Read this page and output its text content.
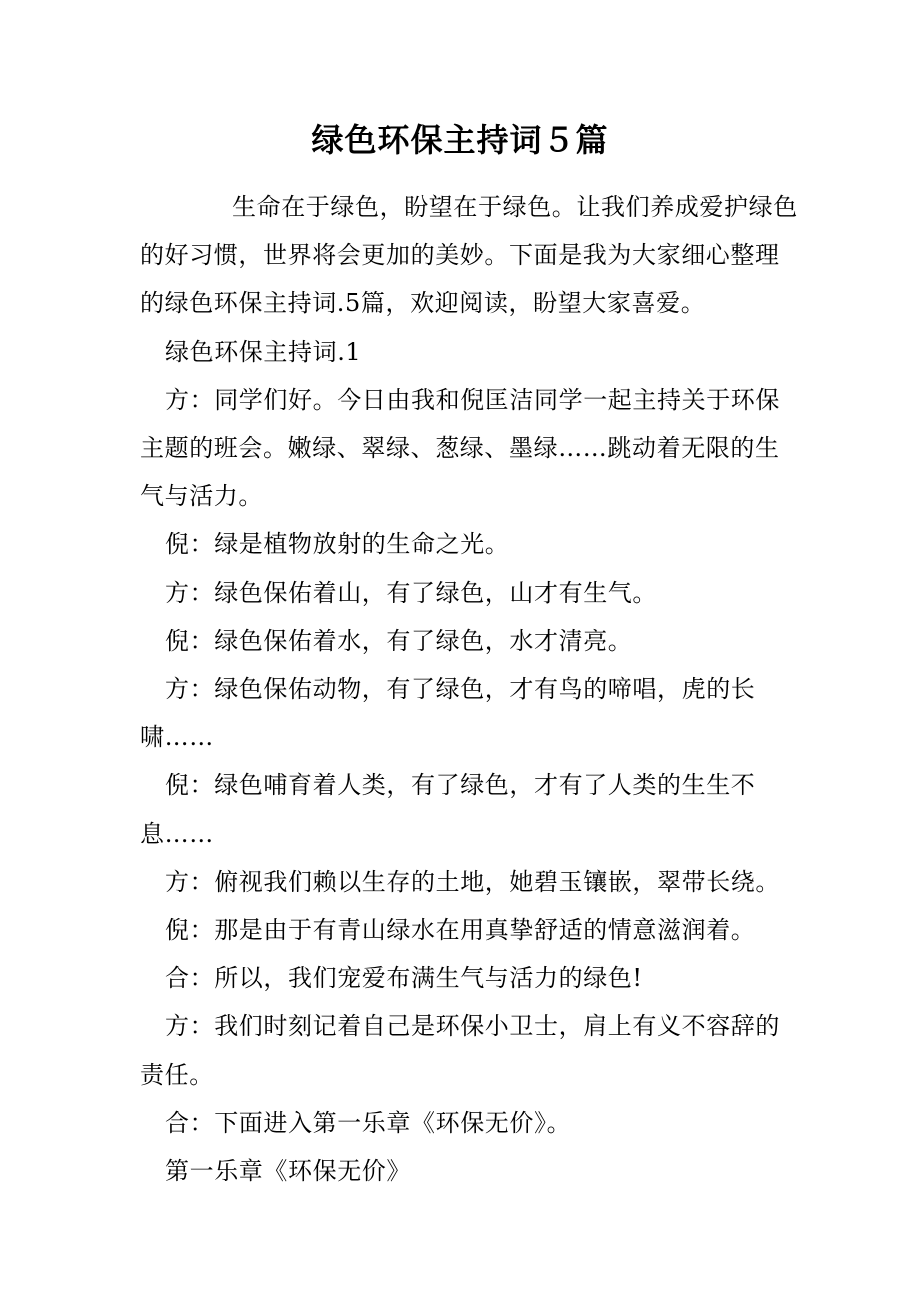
绿色环保主持词５篇

生命在于绿色，盼望在于绿色。让我们养成爱护绿色的好习惯，世界将会更加的美妙。下面是我为大家细心整理的绿色环保主持词.5篇，欢迎阅读，盼望大家喜爱。

绿色环保主持词.1

方：同学们好。今日由我和倪匡洁同学一起主持关于环保主题的班会。嫩绿、翠绿、葱绿、墨绿……跳动着无限的生气与活力。

倪：绿是植物放射的生命之光。

方：绿色保佑着山，有了绿色，山才有生气。

倪：绿色保佑着水，有了绿色，水才清亮。

方：绿色保佑动物，有了绿色，才有鸟的啼唱，虎的长啸……

倪：绿色哺育着人类，有了绿色，才有了人类的生生不息……

方：俯视我们赖以生存的土地，她碧玉镶嵌，翠带长绕。

倪：那是由于有青山绿水在用真挚舒适的情意滋润着。

合：所以，我们宠爱布满生气与活力的绿色!

方：我们时刻记着自己是环保小卫士，肩上有义不容辞的责任。

合：下面进入第一乐章《环保无价》。

第一乐章《环保无价》
